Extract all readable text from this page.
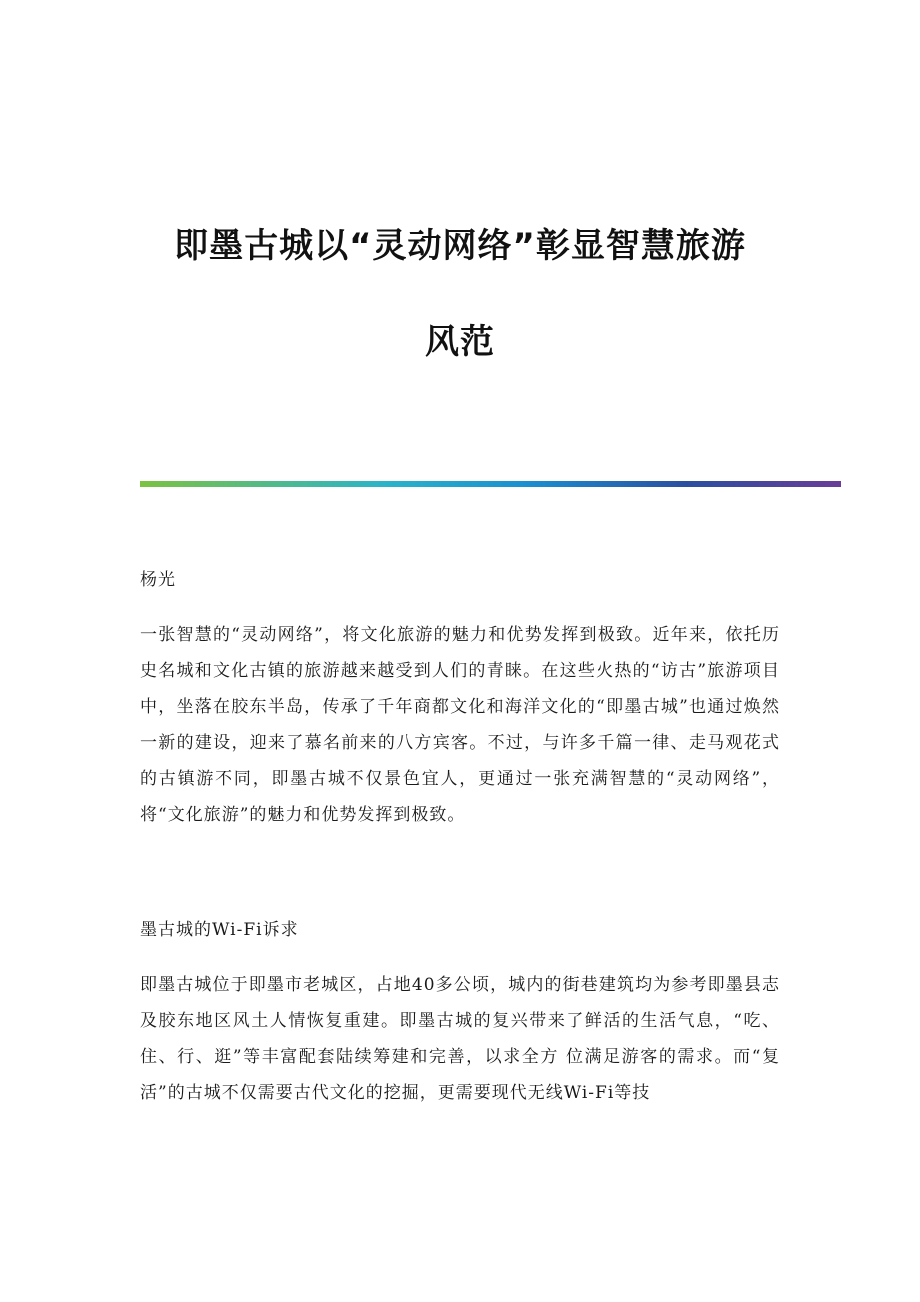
即墨古城以“灵动网络”彰显智慧旅游
风范

杨光

一张智慧的“灵动网络”，将文化旅游的魅力和优势发挥到极致。近年来，依托历史名城和文化古镇的旅游越来越受到人们的青睐。在这些火热的“访古”旅游项目中，坐落在胶东半岛，传承了千年商都文化和海洋文化的“即墨古城”也通过焕然一新的建设，迎来了慕名前来的八方宾客。不过，与许多千篇一律、走马观花式的古镇游不同，即墨古城不仅景色宜人，更通过一张充满智慧的“灵动网络”，将“文化旅游”的魅力和优势发挥到极致。

墨古城的Wi-Fi诉求

即墨古城位于即墨市老城区，占地40多公顷，城内的街巷建筑均为参考即墨县志及胶东地区风土人情恢复重建。即墨古城的复兴带来了鲜活的生活气息，“吃、住、行、逛”等丰富配套陆续筹建和完善，以求全方 位满足游客的需求。而“复活”的古城不仅需要古代文化的挖掘，更需要现代无线Wi-Fi等技
